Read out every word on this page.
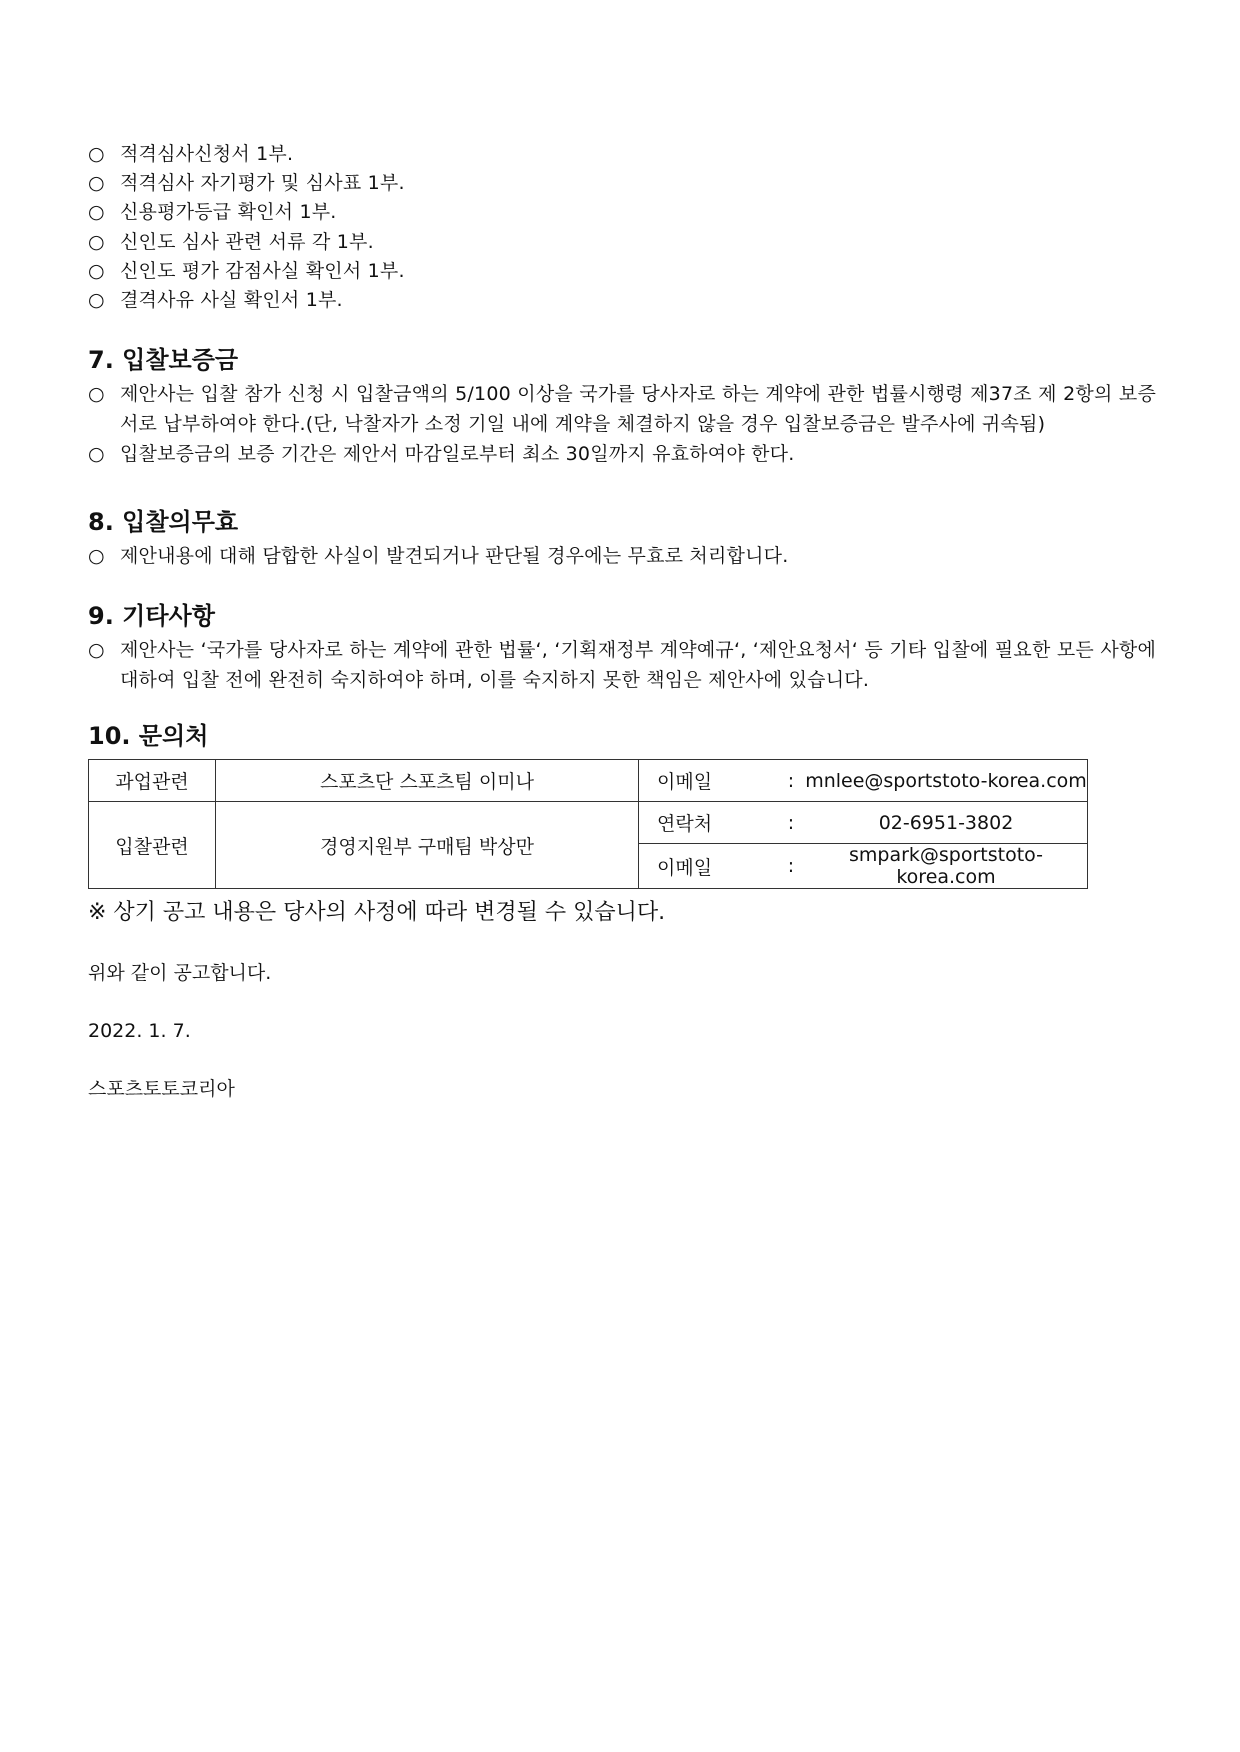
○ 적격심사신청서 1부.
○ 적격심사 자기평가 및 심사표 1부.
○ 신용평가등급 확인서 1부.
○ 신인도 심사 관련 서류 각 1부.
○ 신인도 평가 감점사실 확인서 1부.
○ 결격사유 사실 확인서 1부.
7. 입찰보증금
○ 제안사는 입찰 참가 신청 시 입찰금액의 5/100 이상을 국가를 당사자로 하는 계약에 관한 법률시행령 제37조 제 2항의 보증서로 납부하여야 한다.(단, 낙찰자가 소정 기일 내에 계약을 체결하지 않을 경우 입찰보증금은 발주사에 귀속됨)
○ 입찰보증금의 보증 기간은 제안서 마감일로부터 최소 30일까지 유효하여야 한다.
8. 입찰의무효
○ 제안내용에 대해 담합한 사실이 발견되거나 판단될 경우에는 무효로 처리합니다.
9. 기타사항
○ 제안사는 ‘국가를 당사자로 하는 계약에 관한 법률‘, ‘기획재정부 계약예규‘, ‘제안요청서‘ 등 기타 입찰에 필요한 모든 사항에 대하여 입찰 전에 완전히 숙지하여야 하며, 이를 숙지하지 못한 책임은 제안사에 있습니다.
10. 문의처
과업관련	스포츠단 스포츠팀 이미나	이메일	:	mnlee@sportstoto-korea.com
입찰관련	경영지원부 구매팀 박상만	연락처	:	02-6951-3802
		이메일	:	smpark@sportstoto-korea.com
※ 상기 공고 내용은 당사의 사정에 따라 변경될 수 있습니다.
위와 같이 공고합니다.
2022. 1. 7.
스포츠토토코리아
